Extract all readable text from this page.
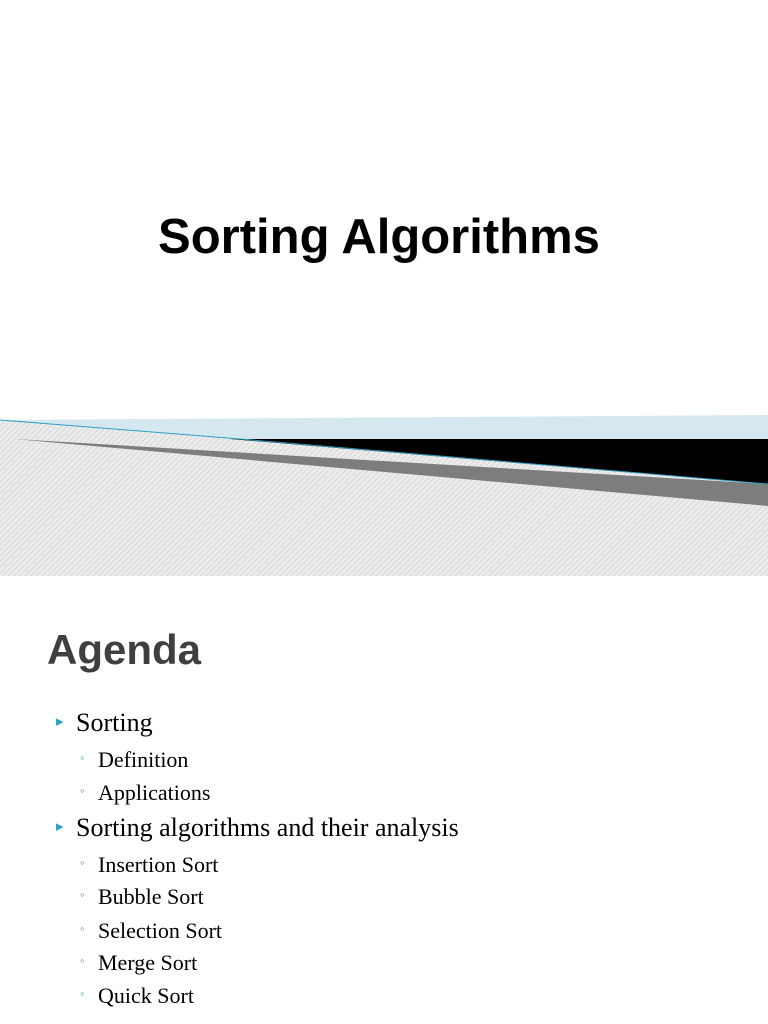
Sorting Algorithms
Agenda
▸ Sorting
◦ Definition
◦ Applications
▸ Sorting algorithms and their analysis
◦ Insertion Sort
◦ Bubble Sort
◦ Selection Sort
◦ Merge Sort
◦ Quick Sort
